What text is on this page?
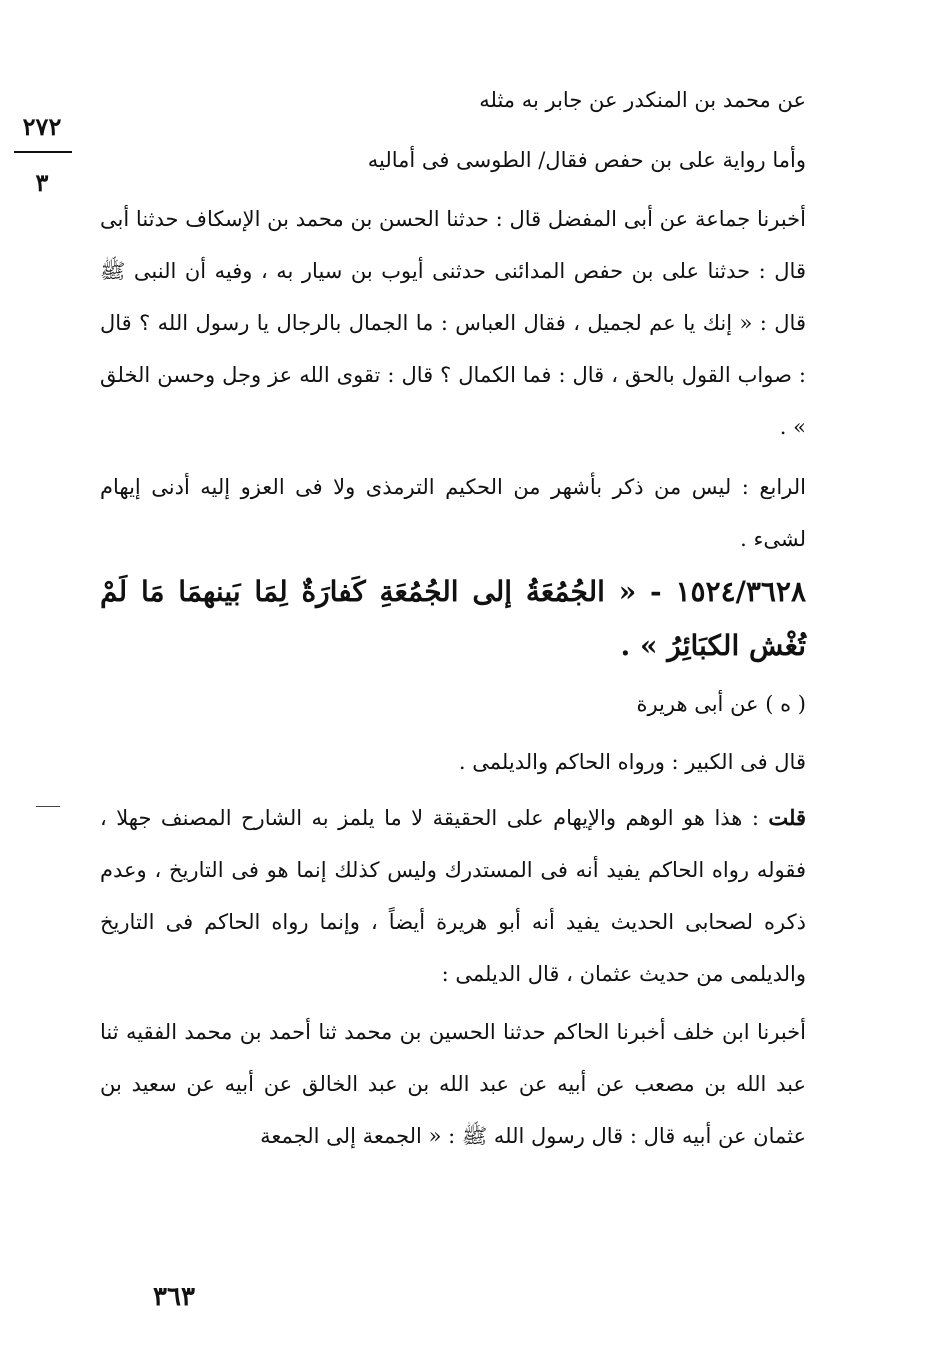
٢٧٢
٣
عن محمد بن المنكدر عن جابر به مثله
وأما رواية على بن حفص فقال/ الطوسى فى أماليه
أخبرنا جماعة عن أبى المفضل قال : حدثنا الحسن بن محمد بن الإسكاف حدثنا أبى قال : حدثنا على بن حفص المدائنى حدثنى أيوب بن سيار به ، وفيه أن النبى ﷺ قال : « إنك يا عم لجميل ، فقال العباس : ما الجمال بالرجال يا رسول الله ؟ قال : صواب القول بالحق ، قال : فما الكمال ؟ قال : تقوى الله عز وجل وحسن الخلق » .
الرابع : ليس من ذكر بأشهر من الحكيم الترمذى ولا فى العزو إليه أدنى إيهام لشىء .
١٥٢٤/٣٦٢٨ - « الجُمُعَةُ إلى الجُمُعَةِ كَفارَةٌ لِمَا بَينهمَا مَا لَمْ تُغْش الكبَائِرُ » .
( ه ) عن أبى هريرة
قال فى الكبير : ورواه الحاكم والديلمى .
قلت : هذا هو الوهم والإيهام على الحقيقة لا ما يلمز به الشارح المصنف جهلا ، فقوله رواه الحاكم يفيد أنه فى المستدرك وليس كذلك إنما هو فى التاريخ ، وعدم ذكره لصحابى الحديث يفيد أنه أبو هريرة أيضاً ، وإنما رواه الحاكم فى التاريخ والديلمى من حديث عثمان ، قال الديلمى :
أخبرنا ابن خلف أخبرنا الحاكم حدثنا الحسين بن محمد ثنا أحمد بن محمد الفقيه ثنا عبد الله بن مصعب عن أبيه عن عبد الله بن عبد الخالق عن أبيه عن سعيد بن عثمان عن أبيه قال : قال رسول الله ﷺ : « الجمعة إلى الجمعة
٣٦٣
